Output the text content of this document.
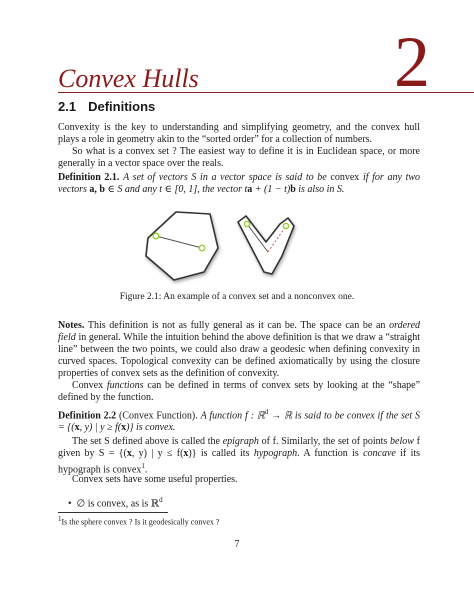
2
Convex Hulls
2.1 Definitions

Convexity is the key to understanding and simplifying geometry, and the convex hull plays a role in geometry akin to the “sorted order” for a collection of numbers.

So what is a convex set ? The easiest way to define it is in Euclidean space, or more generally in a vector space over the reals.

Definition 2.1. A set of vectors S in a vector space is said to be convex if for any two vectors a, b ∈ S and any t ∈ [0, 1], the vector ta + (1 − t)b is also in S.

Figure 2.1: An example of a convex set and a nonconvex one.

Notes. This definition is not as fully general as it can be. The space can be an ordered field in general. While the intuition behind the above definition is that we draw a “straight line” between the two points, we could also draw a geodesic when defining convexity in curved spaces. Topological convexity can be defined axiomatically by using the closure properties of convex sets as the definition of convexity.

Convex functions can be defined in terms of convex sets by looking at the “shape” defined by the function.

Definition 2.2 (Convex Function). A function f : ℝ$^d$ → ℝ is said to be convex if the set S = {(x, y) | y ≥ f(x)} is convex.

The set S defined above is called the epigraph of f. Similarly, the set of points below f given by S = {(x, y) | y ≤ f(x)} is called its hypograph. A function is concave if its hypograph is convex$^1$.

Convex sets have some useful properties.

•  ∅ is convex, as is ℝ$^d$
$^1$Is the sphere convex ? Is it geodesically convex ?
7
